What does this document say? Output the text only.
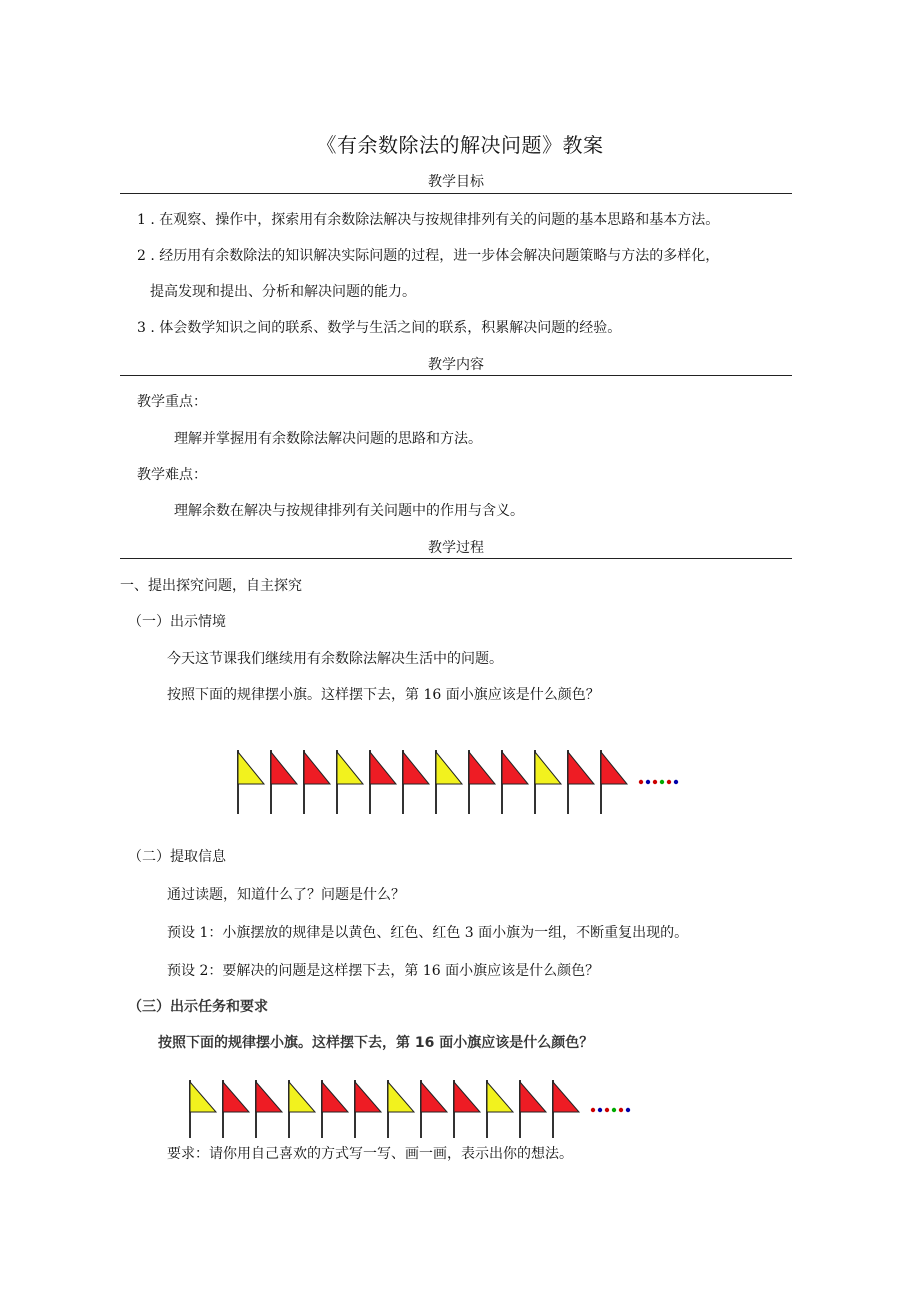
《有余数除法的解决问题》教案
教学目标
1 . 在观察、操作中，探索用有余数除法解决与按规律排列有关的问题的基本思路和基本方法。
2 . 经历用有余数除法的知识解决实际问题的过程，进一步体会解决问题策略与方法的多样化，
提高发现和提出、分析和解决问题的能力。
3 . 体会数学知识之间的联系、数学与生活之间的联系，积累解决问题的经验。
教学内容
教学重点：
理解并掌握用有余数除法解决问题的思路和方法。
教学难点：
理解余数在解决与按规律排列有关问题中的作用与含义。
教学过程
一、提出探究问题，自主探究
（一）出示情境
今天这节课我们继续用有余数除法解决生活中的问题。
按照下面的规律摆小旗。这样摆下去，第 16 面小旗应该是什么颜色？
（二）提取信息
通过读题，知道什么了？问题是什么？
预设 1：小旗摆放的规律是以黄色、红色、红色 3 面小旗为一组，不断重复出现的。
预设 2：要解决的问题是这样摆下去，第 16 面小旗应该是什么颜色？
（三）出示任务和要求
按照下面的规律摆小旗。这样摆下去，第 16 面小旗应该是什么颜色？
要求：请你用自己喜欢的方式写一写、画一画，表示出你的想法。
